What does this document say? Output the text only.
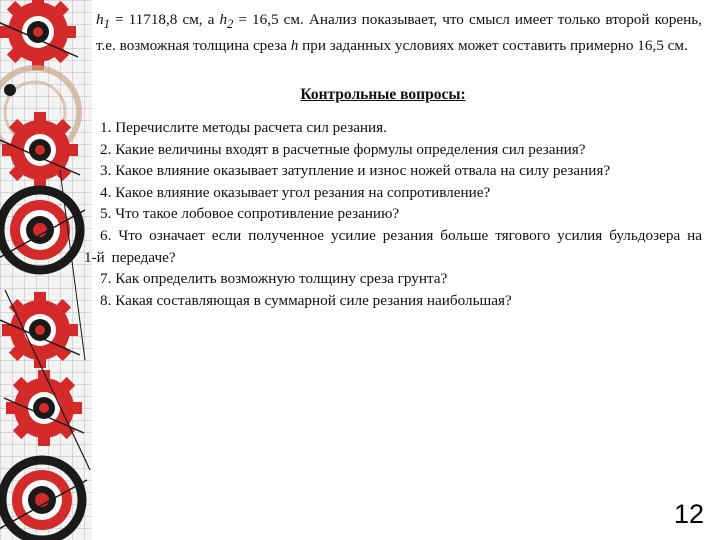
$h_1 = 11718,8$ см, а $h_2 = 16,5$ см. Анализ показывает, что смысл имеет только второй корень, т.е. возможная толщина среза h при заданных условиях может составить примерно 16,5 см.
Контрольные вопросы:

1. Перечислите методы расчета сил резания.

2. Какие величины входят в расчетные формулы определения сил резания?

3. Какое влияние оказывает затупление и износ ножей отвала на силу резания?

4. Какое влияние оказывает угол резания на сопротивление?

5. Что такое лобовое сопротивление резанию?

6. Что означает если полученное усилие резания больше тягового усилия бульдозера на 1-й передаче?

7. Как определить возможную толщину среза грунта?

8. Какая составляющая в суммарной силе резания наибольшая?

12
